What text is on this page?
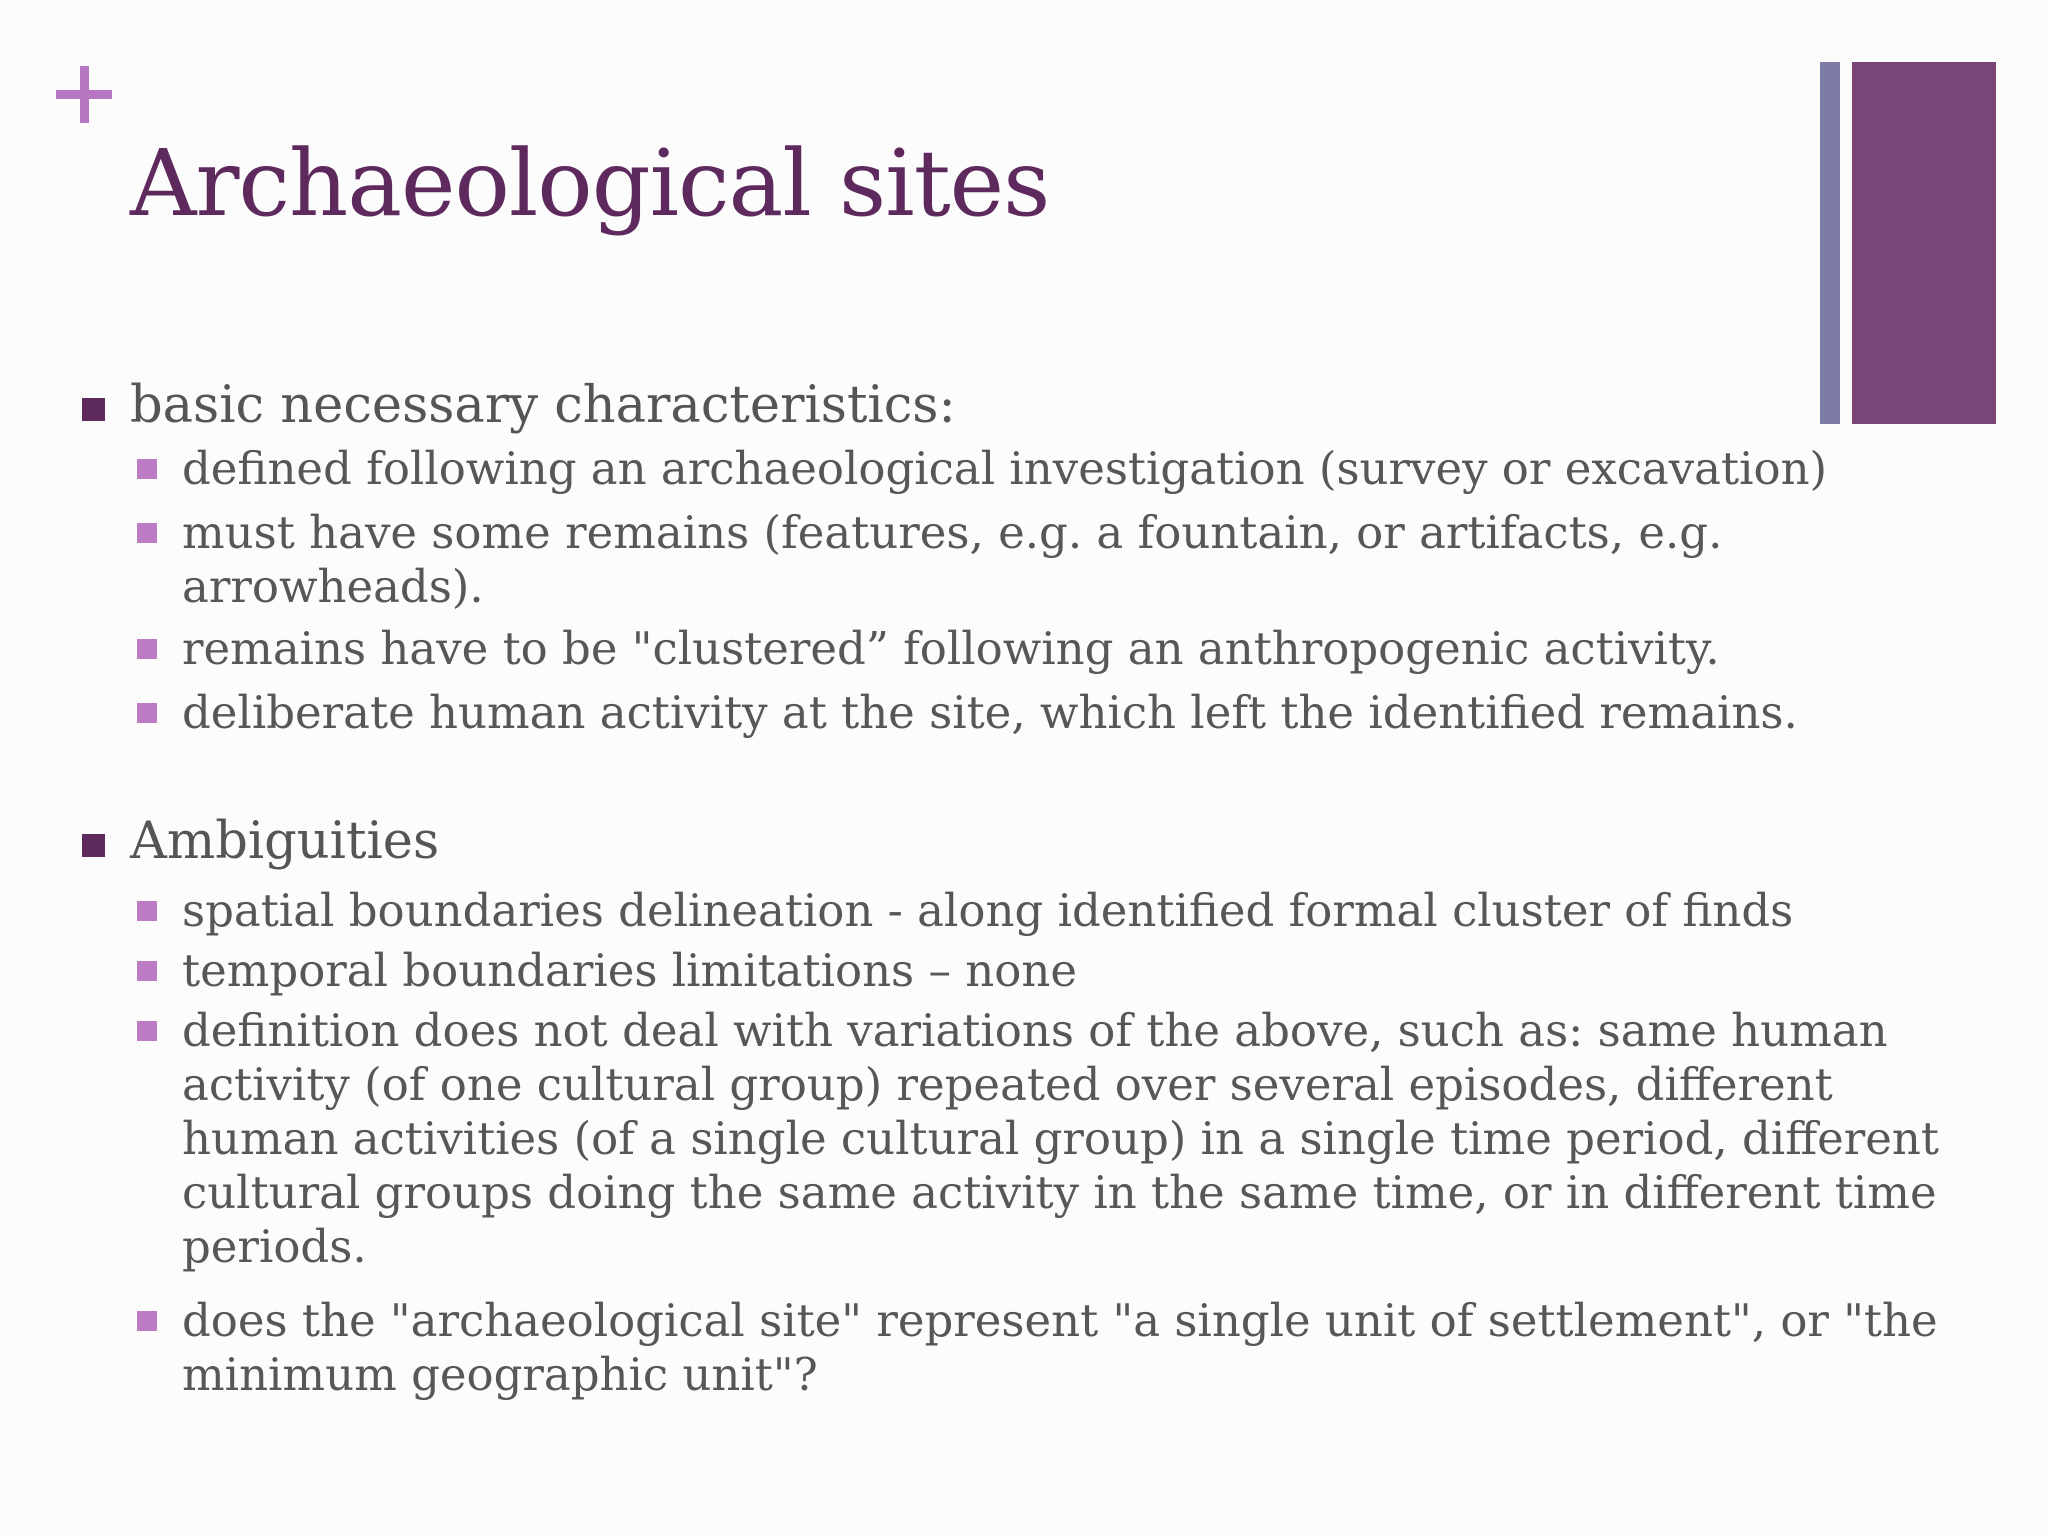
Archaeological sites
basic necessary characteristics:
defined following an archaeological investigation (survey or excavation)
must have some remains (features, e.g. a fountain, or artifacts, e.g.
arrowheads).
remains have to be "clustered” following an anthropogenic activity.
deliberate human activity at the site, which left the identified remains.
Ambiguities
spatial boundaries delineation - along identified formal cluster of finds
temporal boundaries limitations – none
definition does not deal with variations of the above, such as: same human
activity (of one cultural group) repeated over several episodes, different
human activities (of a single cultural group) in a single time period, different
cultural groups doing the same activity in the same time, or in different time
periods.
does the "archaeological site" represent "a single unit of settlement", or "the
minimum geographic unit"?
